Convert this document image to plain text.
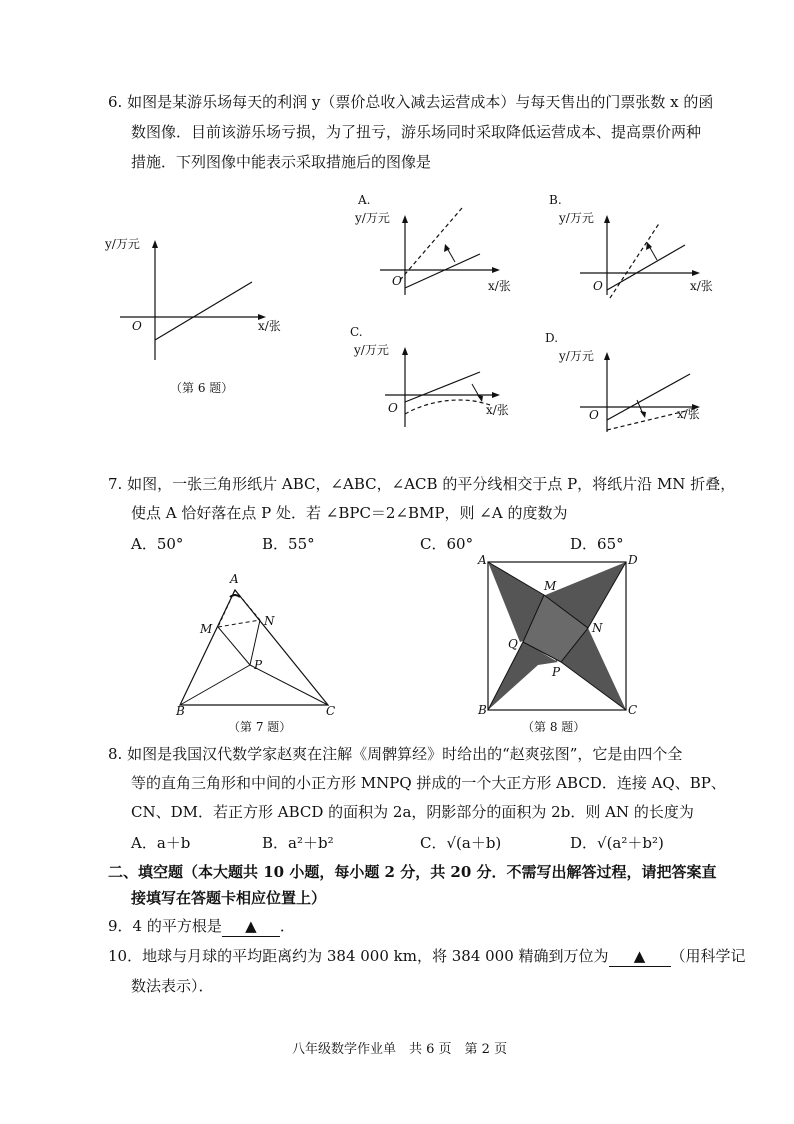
6. 如图是某游乐场每天的利润 y（票价总收入减去运营成本）与每天售出的门票张数 x 的函
数图像．目前该游乐场亏损，为了扭亏，游乐场同时采取降低运营成本、提高票价两种
措施．下列图像中能表示采取措施后的图像是
y/万元
O	x/张
（第 6 题）
A.
y/万元
O	x/张
B.
y/万元
O	x/张
C.
y/万元
O	x/张
D.
y/万元
O	x/张
7. 如图，一张三角形纸片 ABC，∠ABC，∠ACB 的平分线相交于点 P，将纸片沿 MN 折叠，
使点 A 恰好落在点 P 处．若 ∠BPC＝2∠BMP，则 ∠A 的度数为
A．50°	B．55°	C．60°	D．65°
A
M
N
P
B	C
（第 7 题）
A	D
M
N
Q
P
B	C
（第 8 题）
8. 如图是我国汉代数学家赵爽在注解《周髀算经》时给出的“赵爽弦图”，它是由四个全
等的直角三角形和中间的小正方形 MNPQ 拼成的一个大正方形 ABCD．连接 AQ、BP、
CN、DM．若正方形 ABCD 的面积为 2a，阴影部分的面积为 2b．则 AN 的长度为
A．a＋b	B．a²＋b²	C．√(a＋b)	D．√(a²＋b²)
二、填空题（本大题共 10 小题，每小题 2 分，共 20 分．不需写出解答过程，请把答案直
接填写在答题卡相应位置上）
9．4 的平方根是 ▲ ．
10．地球与月球的平均距离约为 384 000 km，将 384 000 精确到万位为 ▲ （用科学记
数法表示）．
八年级数学作业单　共 6 页　第 2 页
